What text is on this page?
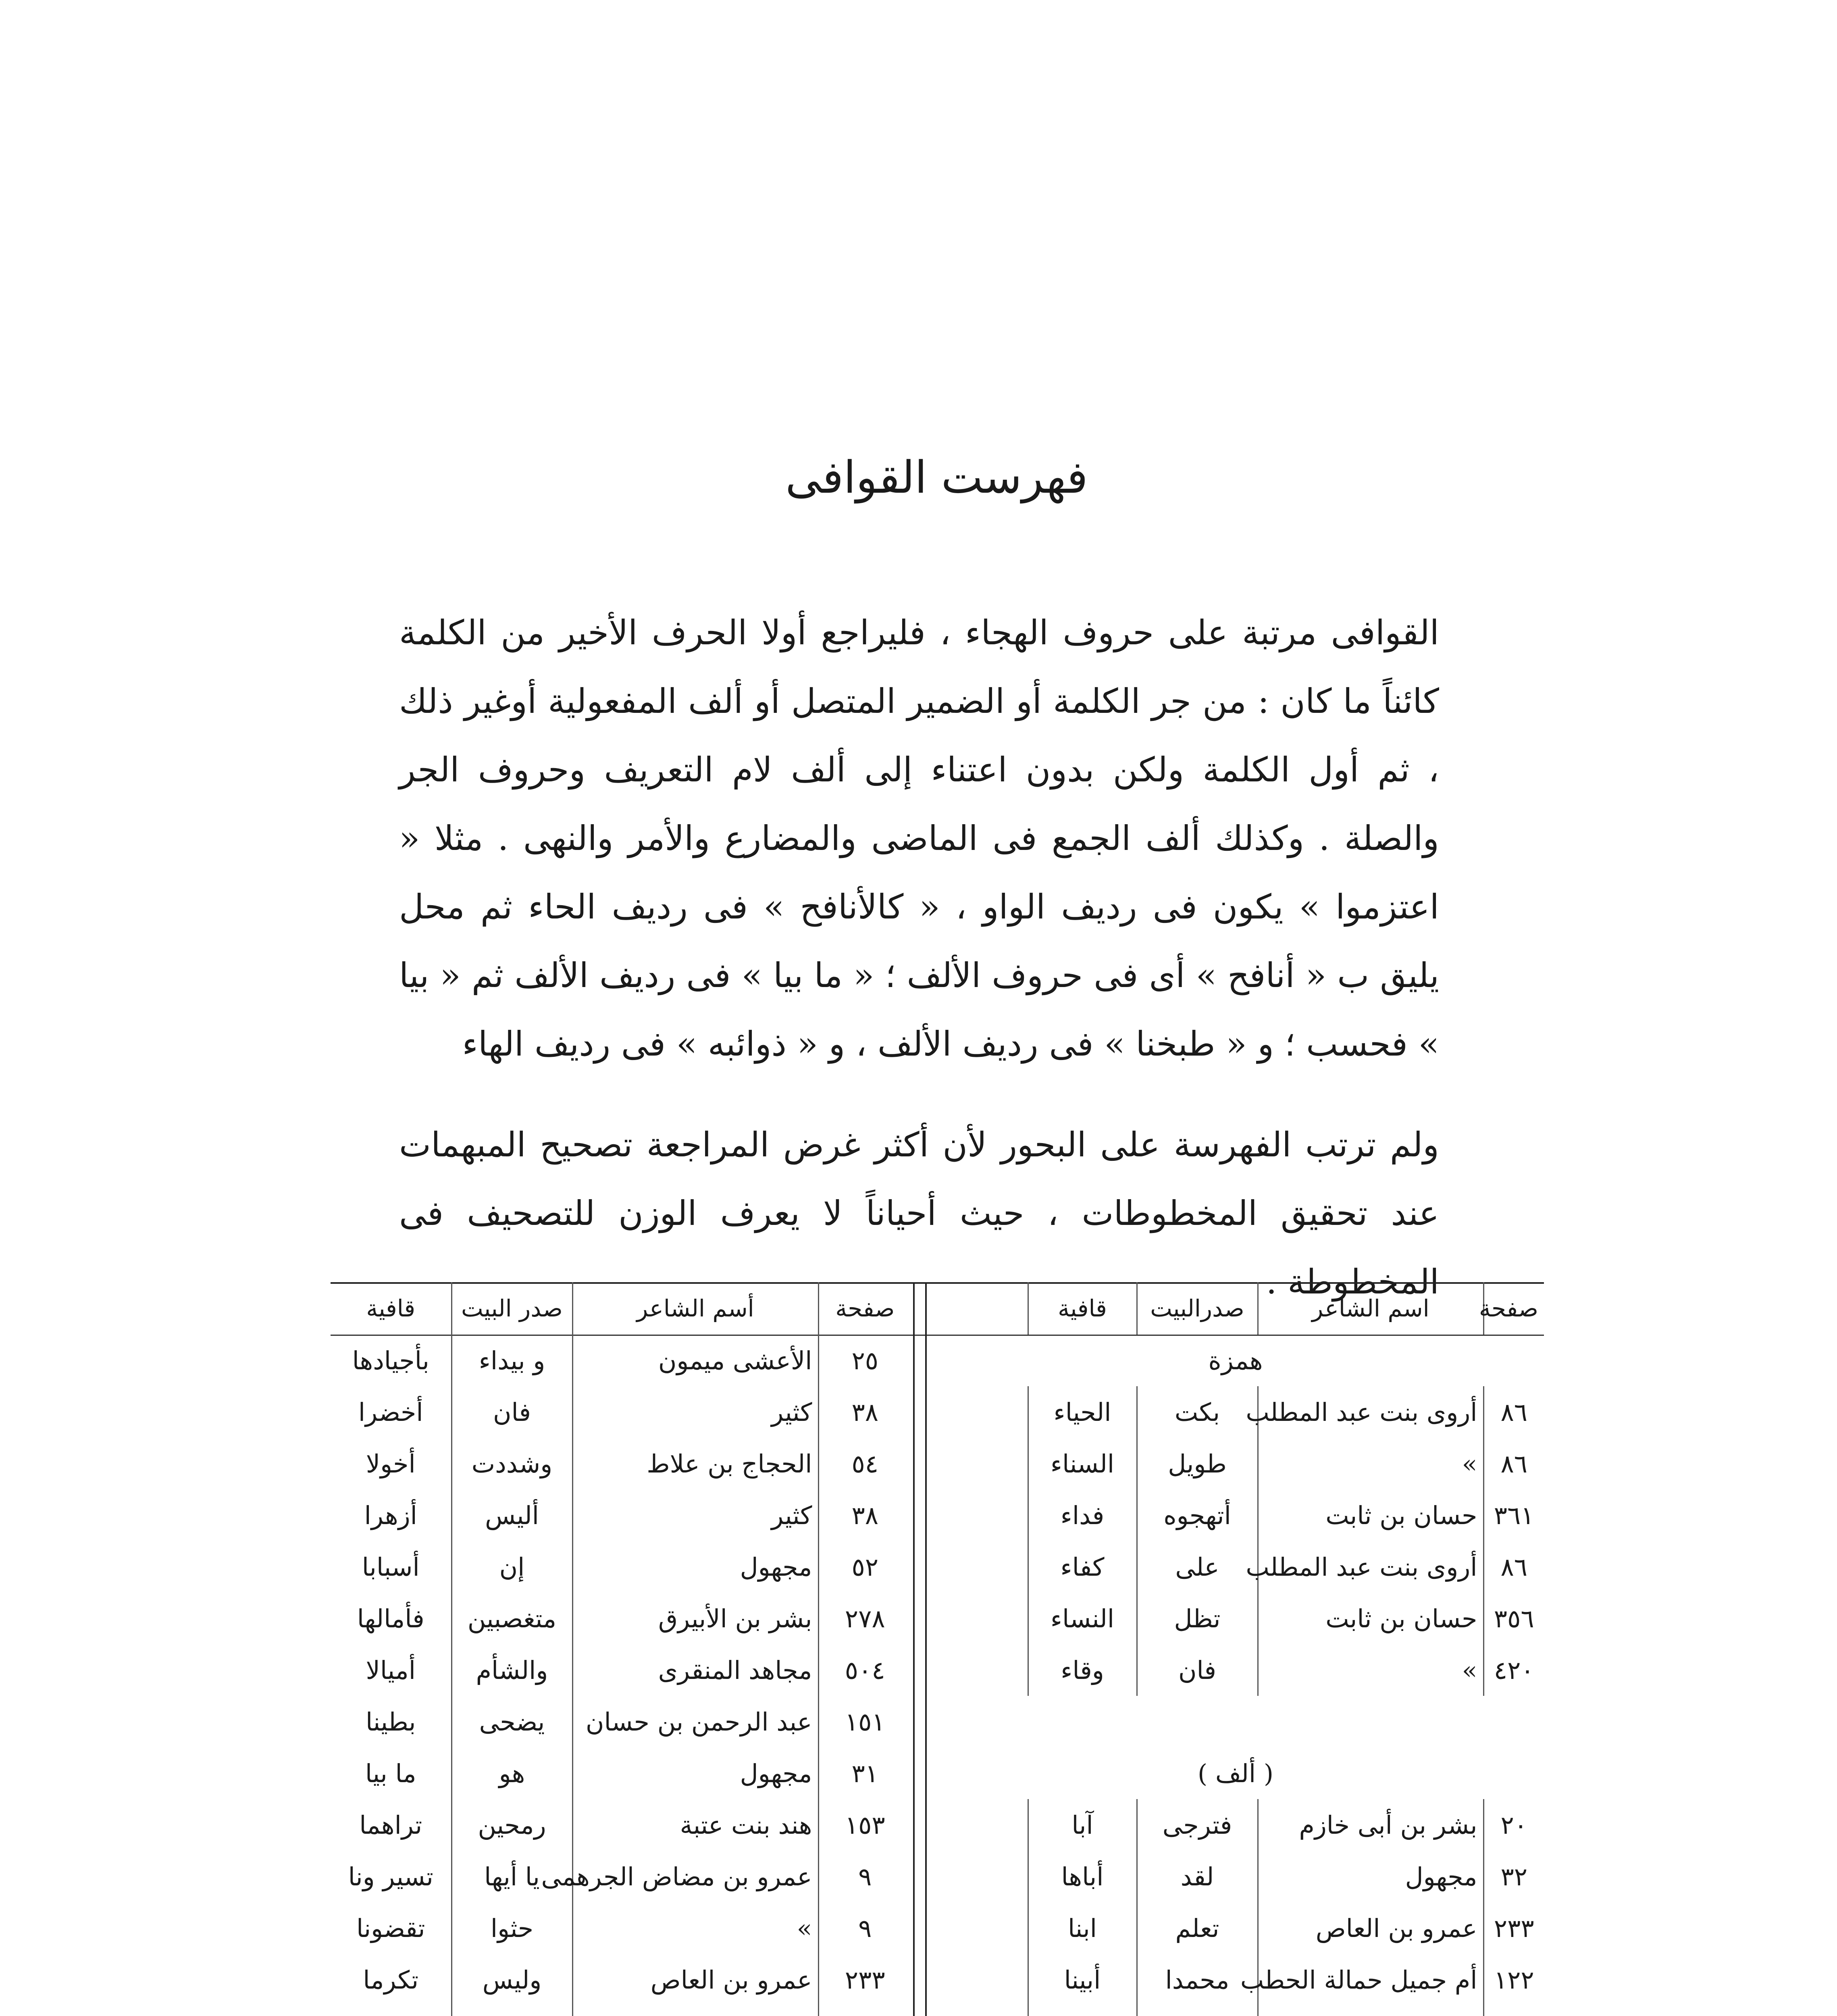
فهرست القوافى

القوافى مرتبة على حروف الهجاء ، فليراجع أولا الحرف الأخير من الكلمة كائناً ما كان : من جر الكلمة أو الضمير المتصل أو ألف المفعولية أوغير ذلك ، ثم أول الكلمة ولكن بدون اعتناء إلى ألف لام التعريف وحروف الجر والصلة . وكذلك ألف الجمع فى الماضى والمضارع والأمر والنهى . مثلا « اعتزموا » يكون فى رديف الواو ، « كالأنافح » فى رديف الحاء ثم محل يليق ب « أنافح » أى فى حروف الألف ؛ « ما بيا » فى رديف الألف ثم « بيا » فحسب ؛ و « طبخنا » فى رديف الألف ، و « ذوائبه » فى رديف الهاء

ولم ترتب الفهرسة على البحور لأن أكثر غرض المراجعة تصحيح المبهمات عند تحقيق المخطوطات ، حيث أحياناً لا يعرف الوزن للتصحيف فى المخطوطة .

صفحة	اسم الشاعر	صدرالبيت	قافية	
همزة				
٨٦	أروى بنت عبد المطلب	بكت	الحياء	
٨٦	»	طويل	السناء	
٣٦١	حسان بن ثابت	أتهجوه	فداء	
٨٦	أروى بنت عبد المطلب	على	كفاء	
٣٥٦	حسان بن ثابت	تظل	النساء	
٤٢٠	»	فان	وقاء	

( ألف )				
٢٠	بشر بن أبى خازم	فترجى	آبا	
٣٢	مجهول	لقد	أباها	
٢٣٣	عمرو بن العاص	تعلم	ابنا	
١٢٢	أم جميل حمالة الحطب	محمدا	أبينا	

صفحة	أسم الشاعر	صدر البيت	قافية
٢٥	الأعشى ميمون	و بيداء	بأجيادها
٣٨	كثير	فان	أخضرا
٥٤	الحجاج بن علاط	وشددت	أخولا
٣٨	كثير	أليس	أزهرا
٥٢	مجهول	إن	أسبابا
٢٧٨	بشر بن الأبيرق	متغصبين	فأمالها
٥٠٤	مجاهد المنقرى	والشأم	أميالا
١٥١	عبد الرحمن بن حسان	يضحى	بطينا
٣١	مجهول	هو	ما بيا
١٥٣	هند بنت عتبة	رمحين	تراهما
٩	عمرو بن مضاض الجرهمى	يا أيها	تسير ونا
٩	»	حثوا	تقضونا
٢٣٣	عمرو بن العاص	وليس	تكرما
